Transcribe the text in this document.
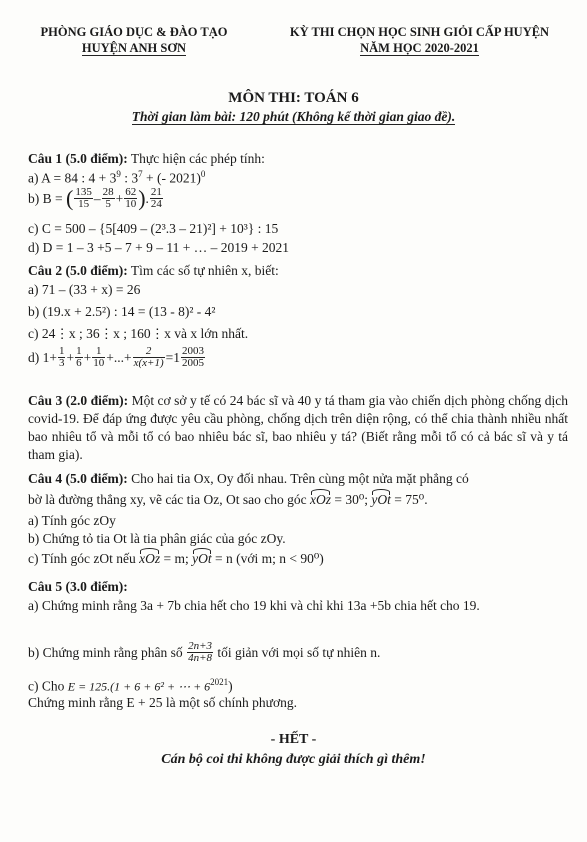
PHÒNG GIÁO DỤC & ĐÀO TẠO
HUYỆN ANH SƠN
KỲ THI CHỌN HỌC SINH GIỎI CẤP HUYỆN
NĂM HỌC 2020-2021
MÔN THI: TOÁN 6
Thời gian làm bài: 120 phút (Không kể thời gian giao đề).
Câu 1 (5.0 điểm): Thực hiện các phép tính:
a) A = 84 : $4 + 3^9$ : $3^7$ + (- 2021)$^0$
b) B = ( $\frac{135}{15} - \frac{28}{5} + \frac{62}{10}$ ). $\frac{21}{24}$
c) C = 500 – {5[409 – (2³.3 – 21)²] + 10³} : 15
d) D = 1 – 3 +5 – 7 + 9 – 11 + … – 2019 + 2021
Câu 2 (5.0 điểm): Tìm các số tự nhiên x, biết:
a) 71 – (33 + x) = 26
b) (19.x + 2.5²) : 14 = (13 - 8)² - 4²
c) 24⋮x ; 36⋮x ; 160⋮x và x lớn nhất.
d) $1+ \frac{1}{3} + \frac{1}{6} + \frac{1}{10}$ +...+ $\frac{2}{x(x+1)} =1 \frac{2003}{2005}$
Câu 3 (2.0 điểm): Một cơ sở y tế có 24 bác sĩ và 40 y tá tham gia vào chiến dịch phòng chống dịch covid-19. Để đáp ứng được yêu cầu phòng, chống dịch trên diện rộng, có thể chia thành nhiều nhất bao nhiêu tổ và mỗi tổ có bao nhiêu bác sĩ, bao nhiêu y tá? (Biết rằng mỗi tổ có cả bác sĩ và y tá tham gia).
Câu 4 (5.0 điểm): Cho hai tia Ox, Oy đối nhau. Trên cùng một nửa mặt phẳng có
bờ là đường thẳng xy, vẽ các tia Oz, Ot sao cho góc xOz = 30⁰; yOt = 75⁰.
a) Tính góc zOy
b) Chứng tỏ tia Ot là tia phân giác của góc zOy.
c) Tính góc zOt nếu xOz = m; yOt = n (với m; n < 90⁰)
Câu 5 (3.0 điểm):
a) Chứng minh rằng 3a + 7b chia hết cho 19 khi và chỉ khi 13a +5b chia hết cho 19.
b) Chứng minh rằng phân số $\frac{2n+3}{4n+8}$ tối giản với mọi số tự nhiên n.
c) Cho E = 125.(1 + 6 + 6² + ⋯ + $6^{2021}$)
Chứng minh rằng E + 25 là một số chính phương.
- HẾT -
Cán bộ coi thi không được giải thích gì thêm!
